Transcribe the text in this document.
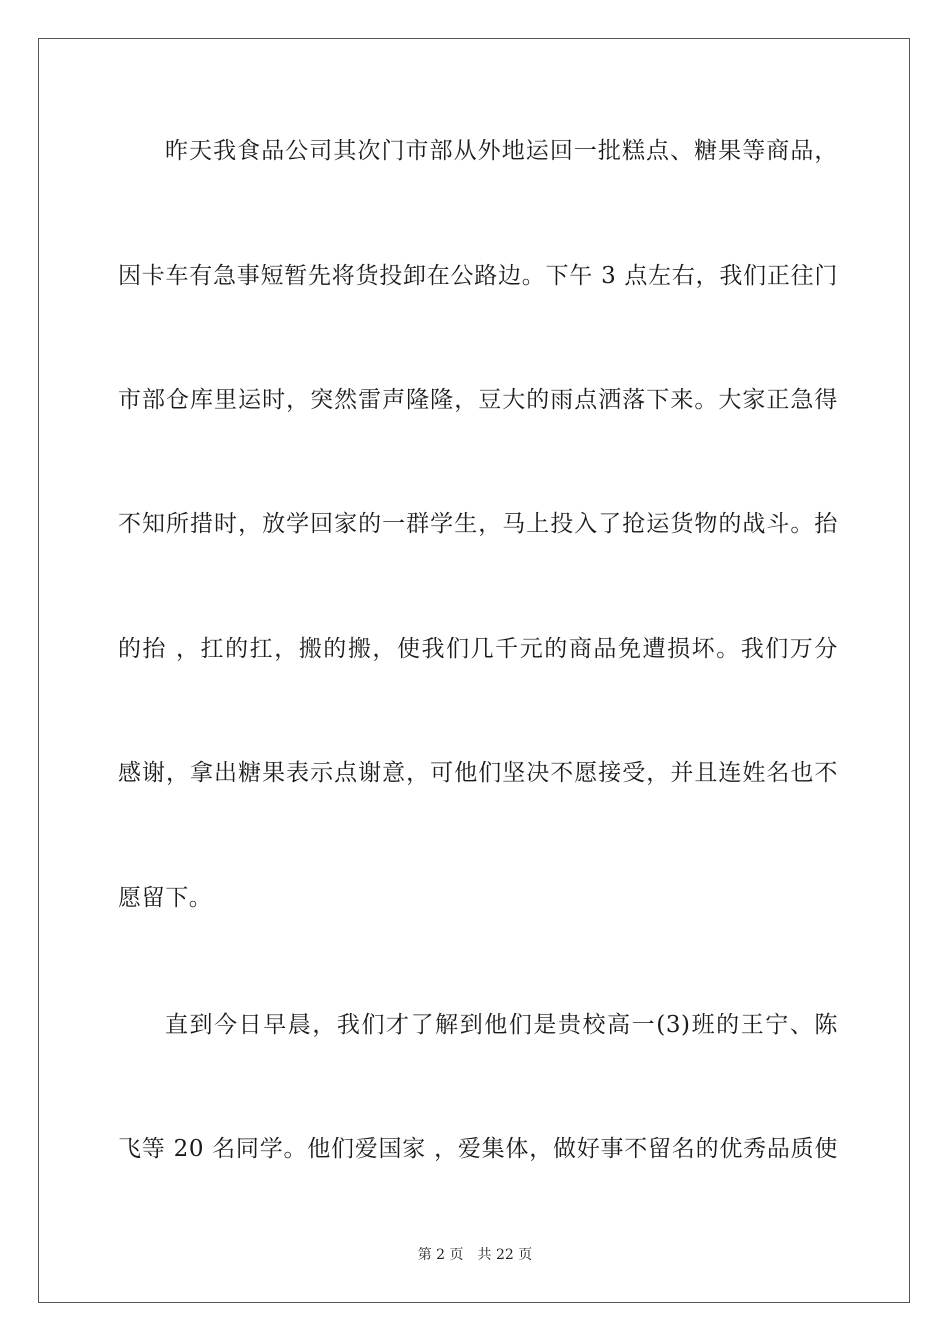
昨天我食品公司其次门市部从外地运回一批糕点、糖果等商品，
因卡车有急事短暂先将货投卸在公路边。下午 3 点左右，我们正往门
市部仓库里运时，突然雷声隆隆，豆大的雨点洒落下来。大家正急得
不知所措时，放学回家的一群学生，马上投入了抢运货物的战斗。抬
的抬 ，扛的扛，搬的搬，使我们几千元的商品免遭损坏。我们万分
感谢，拿出糖果表示点谢意，可他们坚决不愿接受，并且连姓名也不
愿留下。
直到今日早晨，我们才了解到他们是贵校高一(3)班的王宁、陈
飞等 20 名同学。他们爱国家 ，爱集体，做好事不留名的优秀品质使
第 2 页 共 22 页
